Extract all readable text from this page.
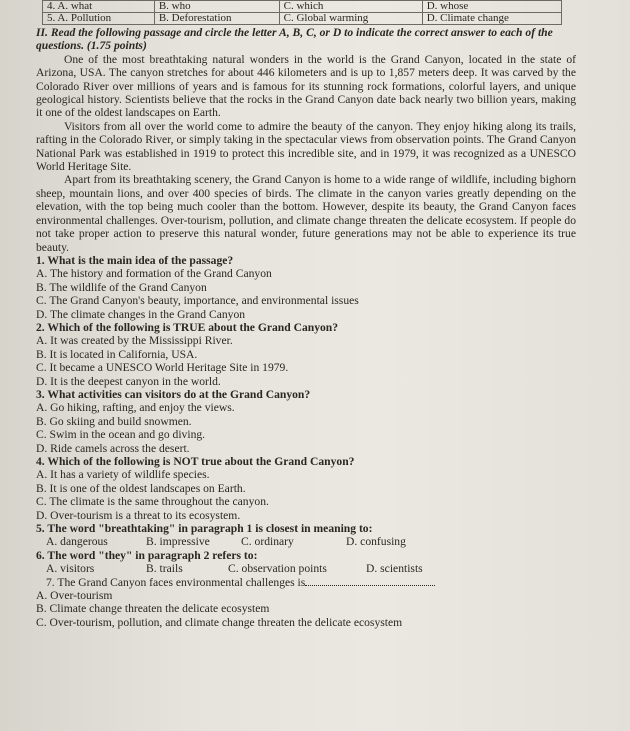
4. A. what	B. who	C. which	D. whose
5. A. Pollution	B. Deforestation	C. Global warming	D. Climate change

II. Read the following passage and circle the letter A, B, C, or D to indicate the correct answer to each of the questions. (1.75 points)

One of the most breathtaking natural wonders in the world is the Grand Canyon, located in the state of Arizona, USA. The canyon stretches for about 446 kilometers and is up to 1,857 meters deep. It was carved by the Colorado River over millions of years and is famous for its stunning rock formations, colorful layers, and unique geological history. Scientists believe that the rocks in the Grand Canyon date back nearly two billion years, making it one of the oldest landscapes on Earth.

Visitors from all over the world come to admire the beauty of the canyon. They enjoy hiking along its trails, rafting in the Colorado River, or simply taking in the spectacular views from observation points. The Grand Canyon National Park was established in 1919 to protect this incredible site, and in 1979, it was recognized as a UNESCO World Heritage Site.

Apart from its breathtaking scenery, the Grand Canyon is home to a wide range of wildlife, including bighorn sheep, mountain lions, and over 400 species of birds. The climate in the canyon varies greatly depending on the elevation, with the top being much cooler than the bottom. However, despite its beauty, the Grand Canyon faces environmental challenges. Over-tourism, pollution, and climate change threaten the delicate ecosystem. If people do not take proper action to preserve this natural wonder, future generations may not be able to experience its true beauty.

1. What is the main idea of the passage?

A. The history and formation of the Grand Canyon

B. The wildlife of the Grand Canyon

C. The Grand Canyon's beauty, importance, and environmental issues

D. The climate changes in the Grand Canyon

2. Which of the following is TRUE about the Grand Canyon?

A. It was created by the Mississippi River.

B. It is located in California, USA.

C. It became a UNESCO World Heritage Site in 1979.

D. It is the deepest canyon in the world.

3. What activities can visitors do at the Grand Canyon?

A. Go hiking, rafting, and enjoy the views.

B. Go skiing and build snowmen.

C. Swim in the ocean and go diving.

D. Ride camels across the desert.

4. Which of the following is NOT true about the Grand Canyon?

A. It has a variety of wildlife species.

B. It is one of the oldest landscapes on Earth.

C. The climate is the same throughout the canyon.

D. Over-tourism is a threat to its ecosystem.

5. The word "breathtaking" in paragraph 1 is closest in meaning to:

A. dangerous	B. impressive	C. ordinary	D. confusing

6. The word "they" in paragraph 2 refers to:

A. visitors	B. trails	C. observation points	D. scientists

7. The Grand Canyon faces environmental challenges is

A. Over-tourism

B. Climate change threaten the delicate ecosystem

C. Over-tourism, pollution, and climate change threaten the delicate ecosystem
